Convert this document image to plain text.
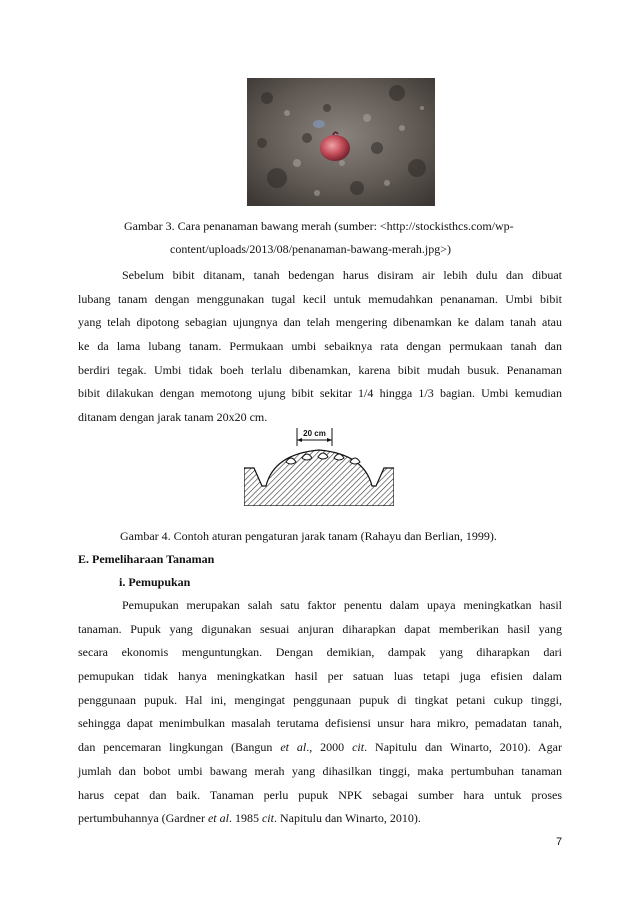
Gambar 3. Cara penanaman bawang merah (sumber: <http://stockisthcs.com/wp-
content/uploads/2013/08/penanaman-bawang-merah.jpg>)
Sebelum bibit ditanam, tanah bedengan harus disiram air lebih dulu dan dibuat
lubang tanam dengan menggunakan tugal kecil untuk memudahkan penanaman. Umbi bibit
yang telah dipotong sebagian ujungnya dan telah mengering dibenamkan ke dalam tanah atau
ke da lama lubang tanam. Permukaan umbi sebaiknya rata dengan permukaan tanah dan
berdiri tegak. Umbi tidak boeh terlalu dibenamkan, karena bibit mudah busuk. Penanaman
bibit dilakukan dengan memotong ujung bibit sekitar 1/4 hingga 1/3 bagian. Umbi kemudian
ditanam dengan jarak tanam 20x20 cm.
20 cm
Gambar 4. Contoh aturan pengaturan jarak tanam (Rahayu dan Berlian, 1999).
E. Pemeliharaan Tanaman
i. Pemupukan
Pemupukan merupakan salah satu faktor penentu dalam upaya meningkatkan hasil
tanaman. Pupuk yang digunakan sesuai anjuran diharapkan dapat memberikan hasil yang
secara ekonomis menguntungkan. Dengan demikian, dampak yang diharapkan dari
pemupukan tidak hanya meningkatkan hasil per satuan luas tetapi juga efisien dalam
penggunaan pupuk. Hal ini, mengingat penggunaan pupuk di tingkat petani cukup tinggi,
sehingga dapat menimbulkan masalah terutama defisiensi unsur hara mikro, pemadatan tanah,
dan pencemaran lingkungan (Bangun et al., 2000 cit. Napitulu dan Winarto, 2010). Agar
jumlah dan bobot umbi bawang merah yang dihasilkan tinggi, maka pertumbuhan tanaman
harus cepat dan baik. Tanaman perlu pupuk NPK sebagai sumber hara untuk proses
pertumbuhannya (Gardner et al. 1985 cit. Napitulu dan Winarto, 2010).
7
